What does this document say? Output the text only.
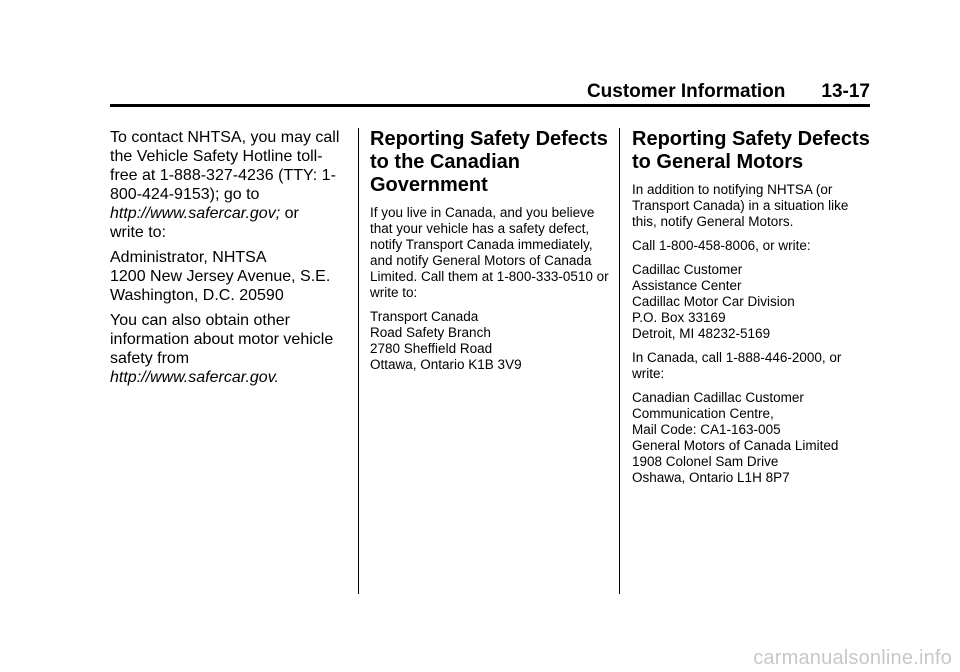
Customer Information 13-17

To contact NHTSA, you may call the Vehicle Safety Hotline toll-free at 1-888-327-4236 (TTY: 1-800-424-9153); go to http://www.safercar.gov; or
write to:

Administrator, NHTSA
1200 New Jersey Avenue, S.E.
Washington, D.C. 20590

You can also obtain other information about motor vehicle safety from
http://www.safercar.gov.

Reporting Safety Defects to the Canadian Government

If you live in Canada, and you believe that your vehicle has a safety defect, notify Transport Canada immediately, and notify General Motors of Canada Limited. Call them at 1-800-333-0510 or write to:

Transport Canada
Road Safety Branch
2780 Sheffield Road
Ottawa, Ontario K1B 3V9

Reporting Safety Defects to General Motors

In addition to notifying NHTSA (or Transport Canada) in a situation like this, notify General Motors.

Call 1-800-458-8006, or write:

Cadillac Customer
Assistance Center
Cadillac Motor Car Division
P.O. Box 33169
Detroit, MI 48232-5169

In Canada, call 1-888-446-2000, or write:

Canadian Cadillac Customer
Communication Centre,
Mail Code: CA1-163-005
General Motors of Canada Limited
1908 Colonel Sam Drive
Oshawa, Ontario L1H 8P7

carmanualsonline.info
